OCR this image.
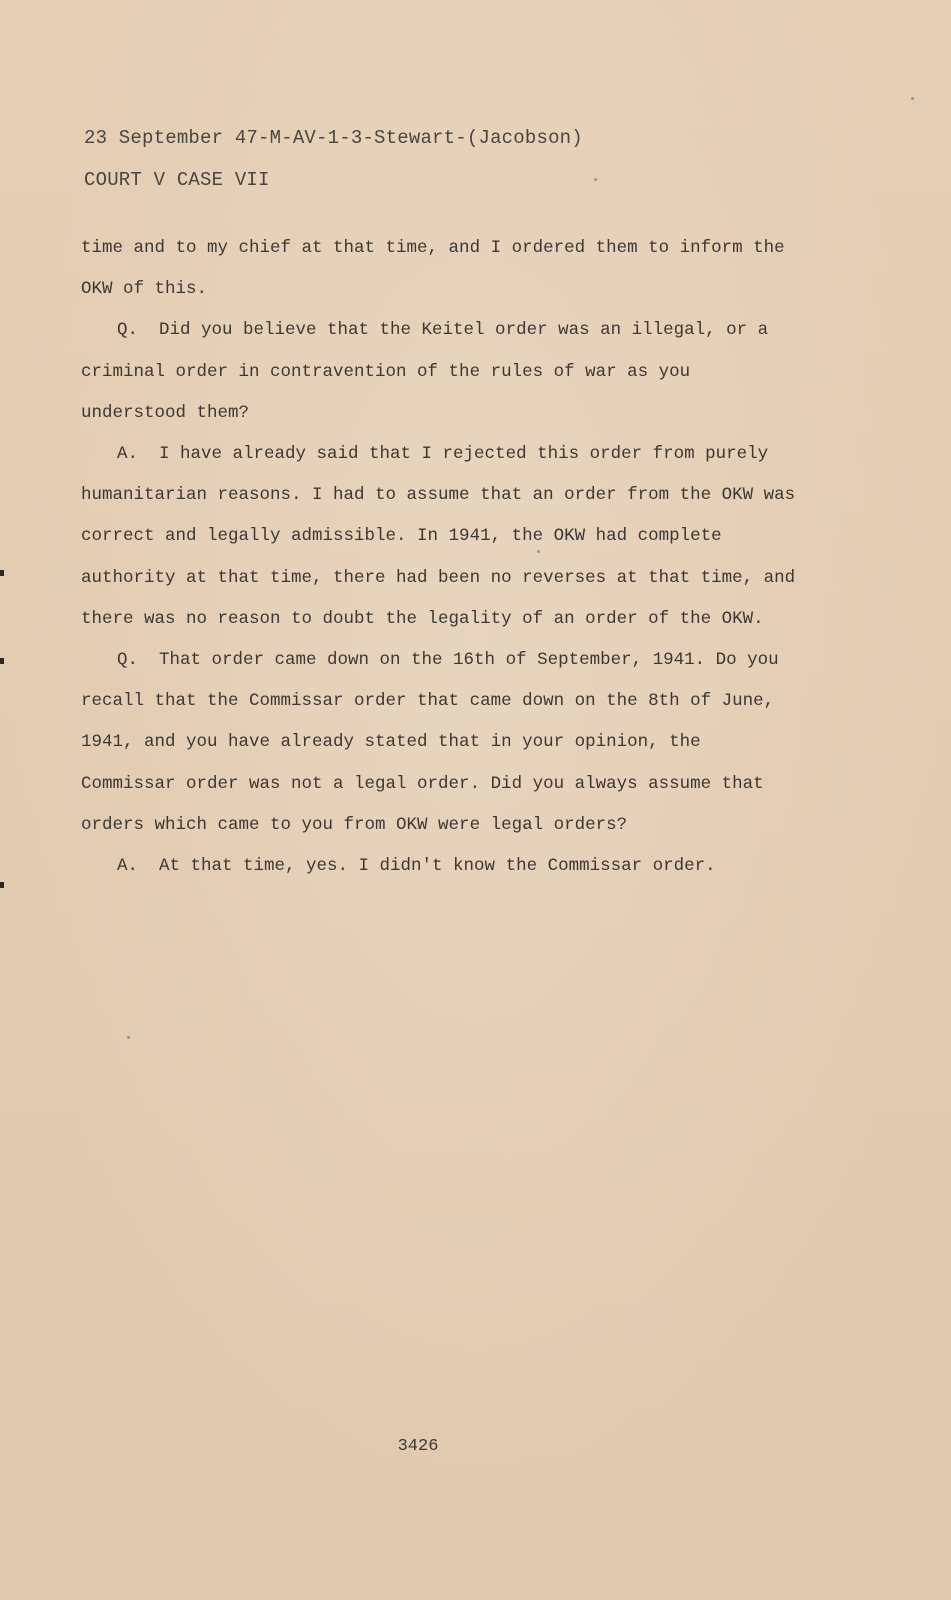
23 September 47-M-AV-1-3-Stewart-(Jacobson)
COURT V CASE VII

time and to my chief at that time, and I ordered them to inform the OKW of this.

Q.  Did you believe that the Keitel order was an illegal, or a criminal order in contravention of the rules of war as you understood them?

A.  I have already said that I rejected this order from purely humanitarian reasons. I had to assume that an order from the OKW was correct and legally admissible. In 1941, the OKW had complete authority at that time, there had been no reverses at that time, and there was no reason to doubt the legality of an order of the OKW.

Q.  That order came down on the 16th of September, 1941. Do you recall that the Commissar order that came down on the 8th of June, 1941, and you have already stated that in your opinion, the Commissar order was not a legal order. Did you always assume that orders which came to you from OKW were legal orders?

A.  At that time, yes. I didn't know the Commissar order.

3426
